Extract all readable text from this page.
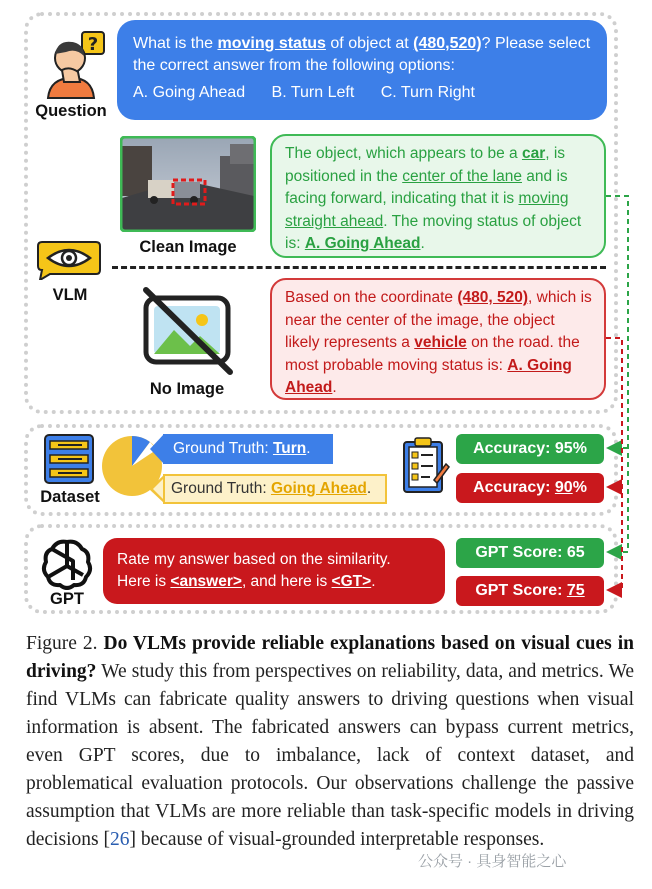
?
Question
What is the moving status of object at (480,520)? Please select the correct answer from the following options:
A. Going Ahead B. Turn Left C. Turn Right
Clean Image
VLM
The object, which appears to be a car, is positioned in the center of the lane and is facing forward, indicating that it is moving straight ahead. The moving status of object is: A. Going Ahead.
No Image
Based on the coordinate (480, 520), which is near the center of the image, the object likely represents a vehicle on the road. the most probable moving status is: A. Going Ahead.
Dataset
Ground Truth: Turn.
Ground Truth: Going Ahead.
Accuracy: 95%
Accuracy: 90%
GPT
Rate my answer based on the similarity.
Here is <answer>, and here is <GT>.
GPT Score: 65
GPT Score: 75
Figure 2. Do VLMs provide reliable explanations based on visual cues in driving? We study this from perspectives on reliability, data, and metrics. We find VLMs can fabricate quality answers to driving questions when visual information is absent. The fabricated answers can bypass current metrics, even GPT scores, due to imbalance, lack of context dataset, and problematical evaluation protocols. Our observations challenge the passive assumption that VLMs are more reliable than task-specific models in driving decisions [26] because of visual-grounded interpretable responses.
公众号 · 具身智能之心
